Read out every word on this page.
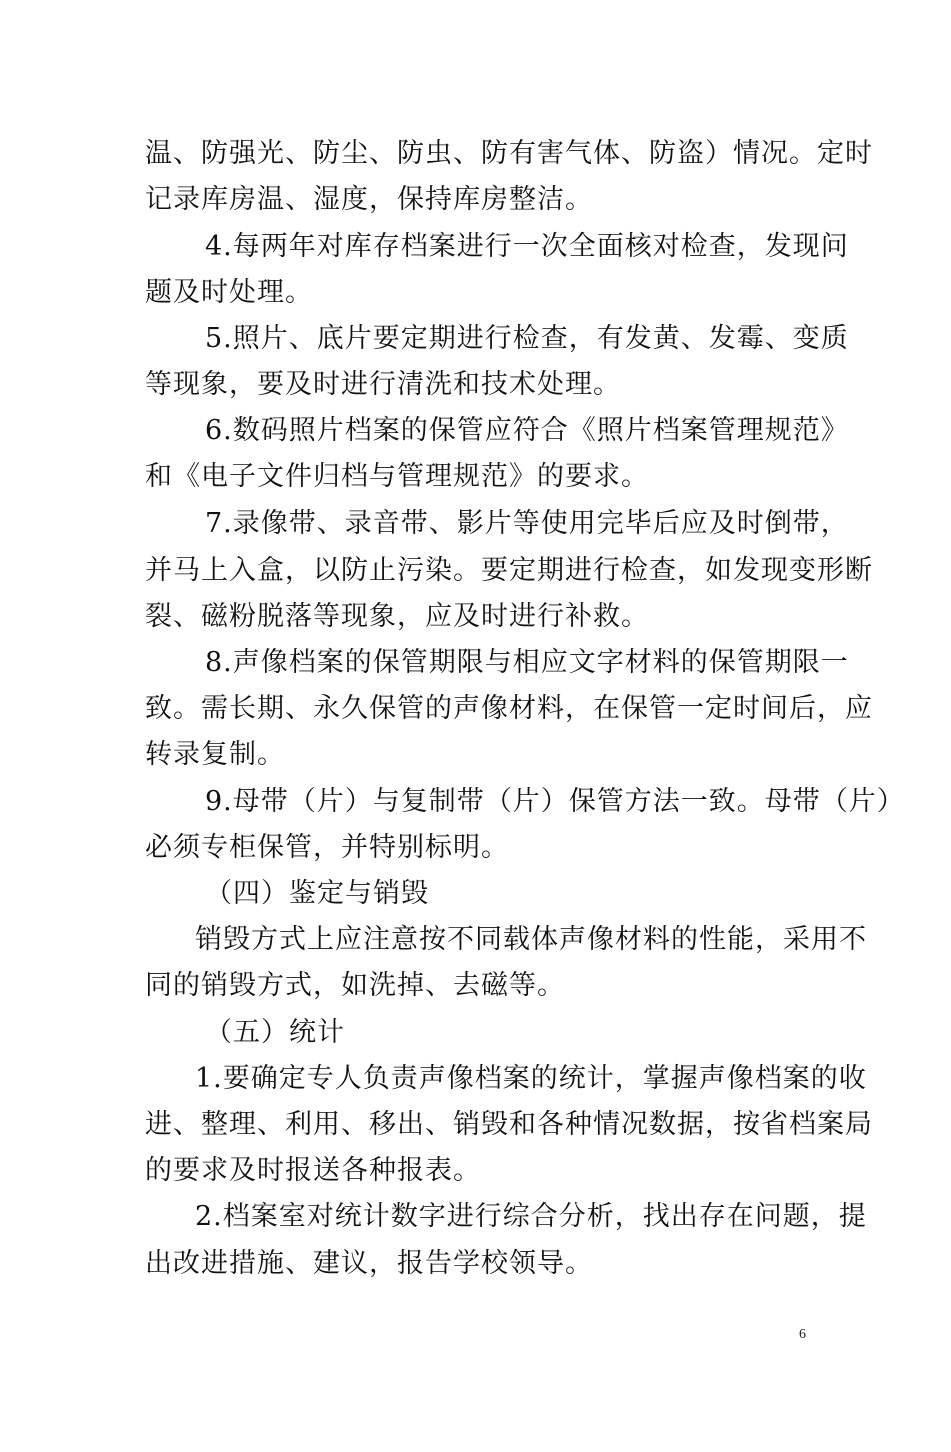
温、防强光、防尘、防虫、防有害气体、防盗）情况。定时
记录库房温、湿度，保持库房整洁。
4.每两年对库存档案进行一次全面核对检查，发现问
题及时处理。
5.照片、底片要定期进行检查，有发黄、发霉、变质
等现象，要及时进行清洗和技术处理。
6.数码照片档案的保管应符合《照片档案管理规范》
和《电子文件归档与管理规范》的要求。
7.录像带、录音带、影片等使用完毕后应及时倒带，
并马上入盒，以防止污染。要定期进行检查，如发现变形断
裂、磁粉脱落等现象，应及时进行补救。
8.声像档案的保管期限与相应文字材料的保管期限一
致。需长期、永久保管的声像材料，在保管一定时间后，应
转录复制。
9.母带（片）与复制带（片）保管方法一致。母带（片）
必须专柜保管，并特别标明。
（四）鉴定与销毁
销毁方式上应注意按不同载体声像材料的性能，采用不
同的销毁方式，如洗掉、去磁等。
（五）统计
1.要确定专人负责声像档案的统计，掌握声像档案的收
进、整理、利用、移出、销毁和各种情况数据，按省档案局
的要求及时报送各种报表。
2.档案室对统计数字进行综合分析，找出存在问题，提
出改进措施、建议，报告学校领导。
6
